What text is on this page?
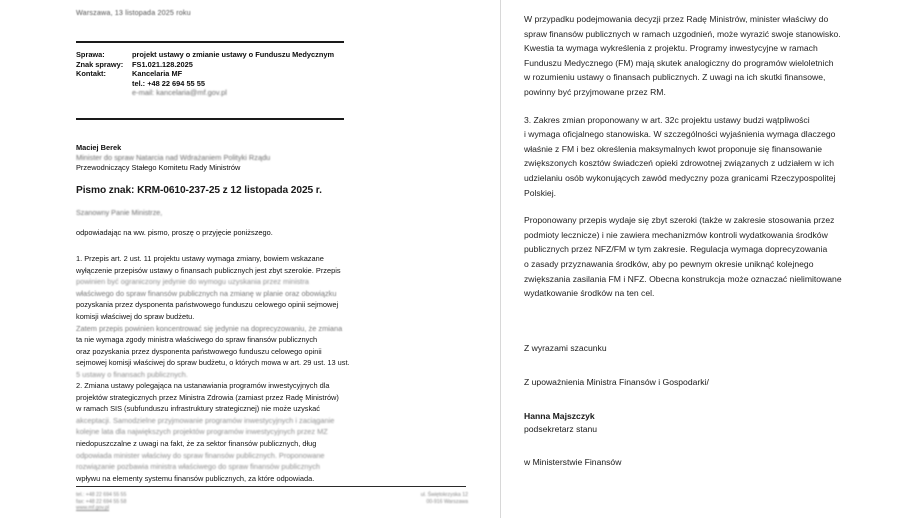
Warszawa, 13 listopada 2025 roku
Sprawa:	projekt ustawy o zmianie ustawy o Funduszu Medycznym
Znak sprawy:	FS1.021.128.2025
Kontakt:	Kancelaria MF
tel.: +48 22 694 55 55
e-mail: kancelaria@mf.gov.pl
Maciej Berek
Minister do spraw Natarcia nad Wdrażaniem Polityki Rządu
Przewodniczący Stałego Komitetu Rady Ministrów
Pismo znak: KRM-0610-237-25 z 12 listopada 2025 r.
Szanowny Panie Ministrze,
odpowiadając na ww. pismo, proszę o przyjęcie poniższego.
1. Przepis art. 2 ust. 11 projektu ustawy wymaga zmiany, bowiem wskazane
wyłączenie przepisów ustawy o finansach publicznych jest zbyt szerokie. Przepis
powinien być ograniczony jedynie do wymogu uzyskania przez ministra
właściwego do spraw finansów publicznych na zmianę w planie oraz obowiązku
pozyskania przez dysponenta państwowego funduszu celowego opinii sejmowej
komisji właściwej do spraw budżetu.
Zatem przepis powinien koncentrować się jedynie na doprecyzowaniu, że zmiana
ta nie wymaga zgody ministra właściwego do spraw finansów publicznych
oraz pozyskania przez dysponenta państwowego funduszu celowego opinii
sejmowej komisji właściwej do spraw budżetu, o których mowa w art. 29 ust. 13 ust.
5 ustawy o finansach publicznych.
2. Zmiana ustawy polegająca na ustanawiania programów inwestycyjnych dla
projektów strategicznych przez Ministra Zdrowia (zamiast przez Radę Ministrów)
w ramach SIS (subfunduszu infrastruktury strategicznej) nie może uzyskać
akceptacji. Samodzielne przyjmowanie programów inwestycyjnych i zaciąganie
kolejne lata dla największych projektów programów inwestycyjnych przez MZ
niedopuszczalne z uwagi na fakt, że za sektor finansów publicznych, dług
odpowiada minister właściwy do spraw finansów publicznych. Proponowane
rozwiązanie pozbawia ministra właściwego do spraw finansów publicznych
wpływu na elementy systemu finansów publicznych, za które odpowiada.
tel.: +48 22 694 55 55
fax: +48 22 694 55 58
www.mf.gov.pl
ul. Świętokrzyska 12
00-916 Warszawa

W przypadku podejmowania decyzji przez Radę Ministrów, minister właściwy do
spraw finansów publicznych w ramach uzgodnień, może wyrazić swoje stanowisko.
Kwestia ta wymaga wykreślenia z projektu. Programy inwestycyjne w ramach
Funduszu Medycznego (FM) mają skutek analogiczny do programów wieloletnich
w rozumieniu ustawy o finansach publicznych. Z uwagi na ich skutki finansowe,
powinny być przyjmowane przez RM.

3. Zakres zmian proponowany w art. 32c projektu ustawy budzi wątpliwości
i wymaga oficjalnego stanowiska. W szczególności wyjaśnienia wymaga dlaczego
właśnie z FM i bez określenia maksymalnych kwot proponuje się finansowanie
zwiększonych kosztów świadczeń opieki zdrowotnej związanych z udziałem w ich
udzielaniu osób wykonujących zawód medyczny poza granicami Rzeczypospolitej
Polskiej.

Proponowany przepis wydaje się zbyt szeroki (także w zakresie stosowania przez
podmioty lecznicze) i nie zawiera mechanizmów kontroli wydatkowania środków
publicznych przez NFZ/FM w tym zakresie. Regulacja wymaga doprecyzowania
o zasady przyznawania środków, aby po pewnym okresie uniknąć kolejnego
zwiększania zasilania FM i NFZ. Obecna konstrukcja może oznaczać nielimitowane
wydatkowanie środków na ten cel.

Z wyrazami szacunku

Z upoważnienia Ministra Finansów i Gospodarki/

Hanna Majszczyk

podsekretarz stanu

w Ministerstwie Finansów
